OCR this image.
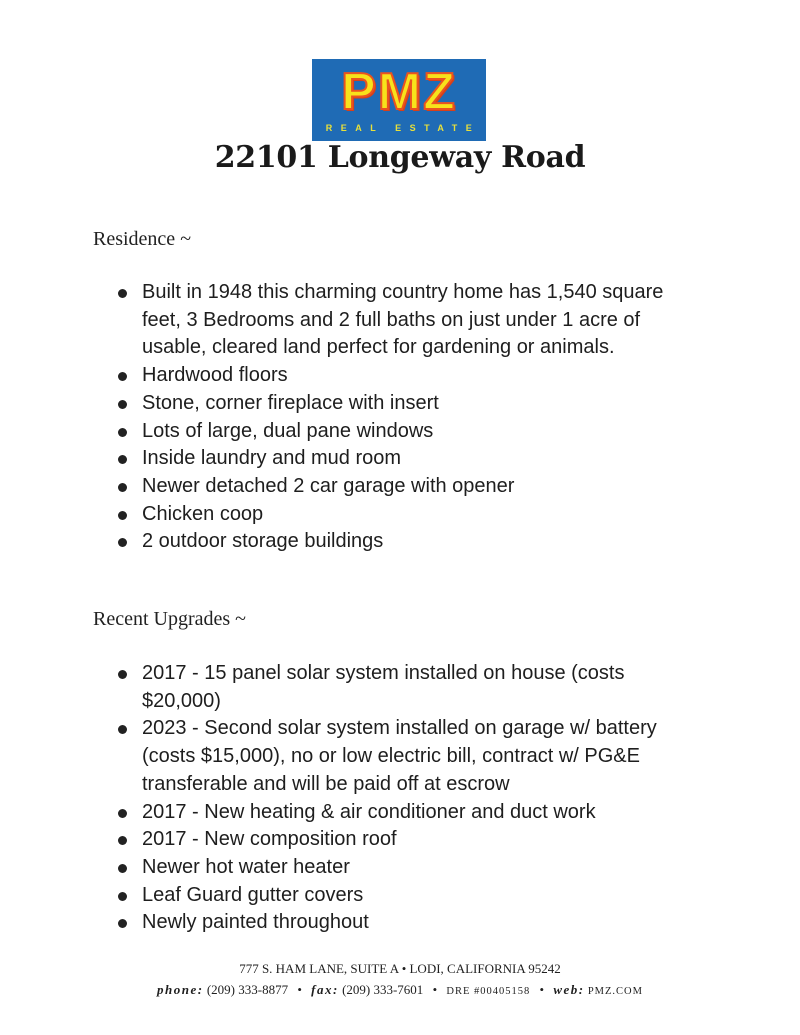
PMZ
REAL ESTATE
22101 Longeway Road
Residence ~
Built in 1948 this charming country home has 1,540 square feet, 3 Bedrooms and 2 full baths on just under 1 acre of usable, cleared land perfect for gardening or animals.
Hardwood floors
Stone, corner fireplace with insert
Lots of large, dual pane windows
Inside laundry and mud room
Newer detached 2 car garage with opener
Chicken coop
2 outdoor storage buildings
Recent Upgrades ~
2017 - 15 panel solar system installed on house (costs $20,000)
2023 - Second solar system installed on garage w/ battery (costs $15,000), no or low electric bill, contract w/ PG&E transferable and will be paid off at escrow
2017 - New heating & air conditioner and duct work
2017 - New composition roof
Newer hot water heater
Leaf Guard gutter covers
Newly painted throughout
777 S. HAM LANE, SUITE A • LODI, CALIFORNIA 95242
phone: (209) 333-8877 • fax: (209) 333-7601 • DRE #00405158 • web: PMZ.COM
